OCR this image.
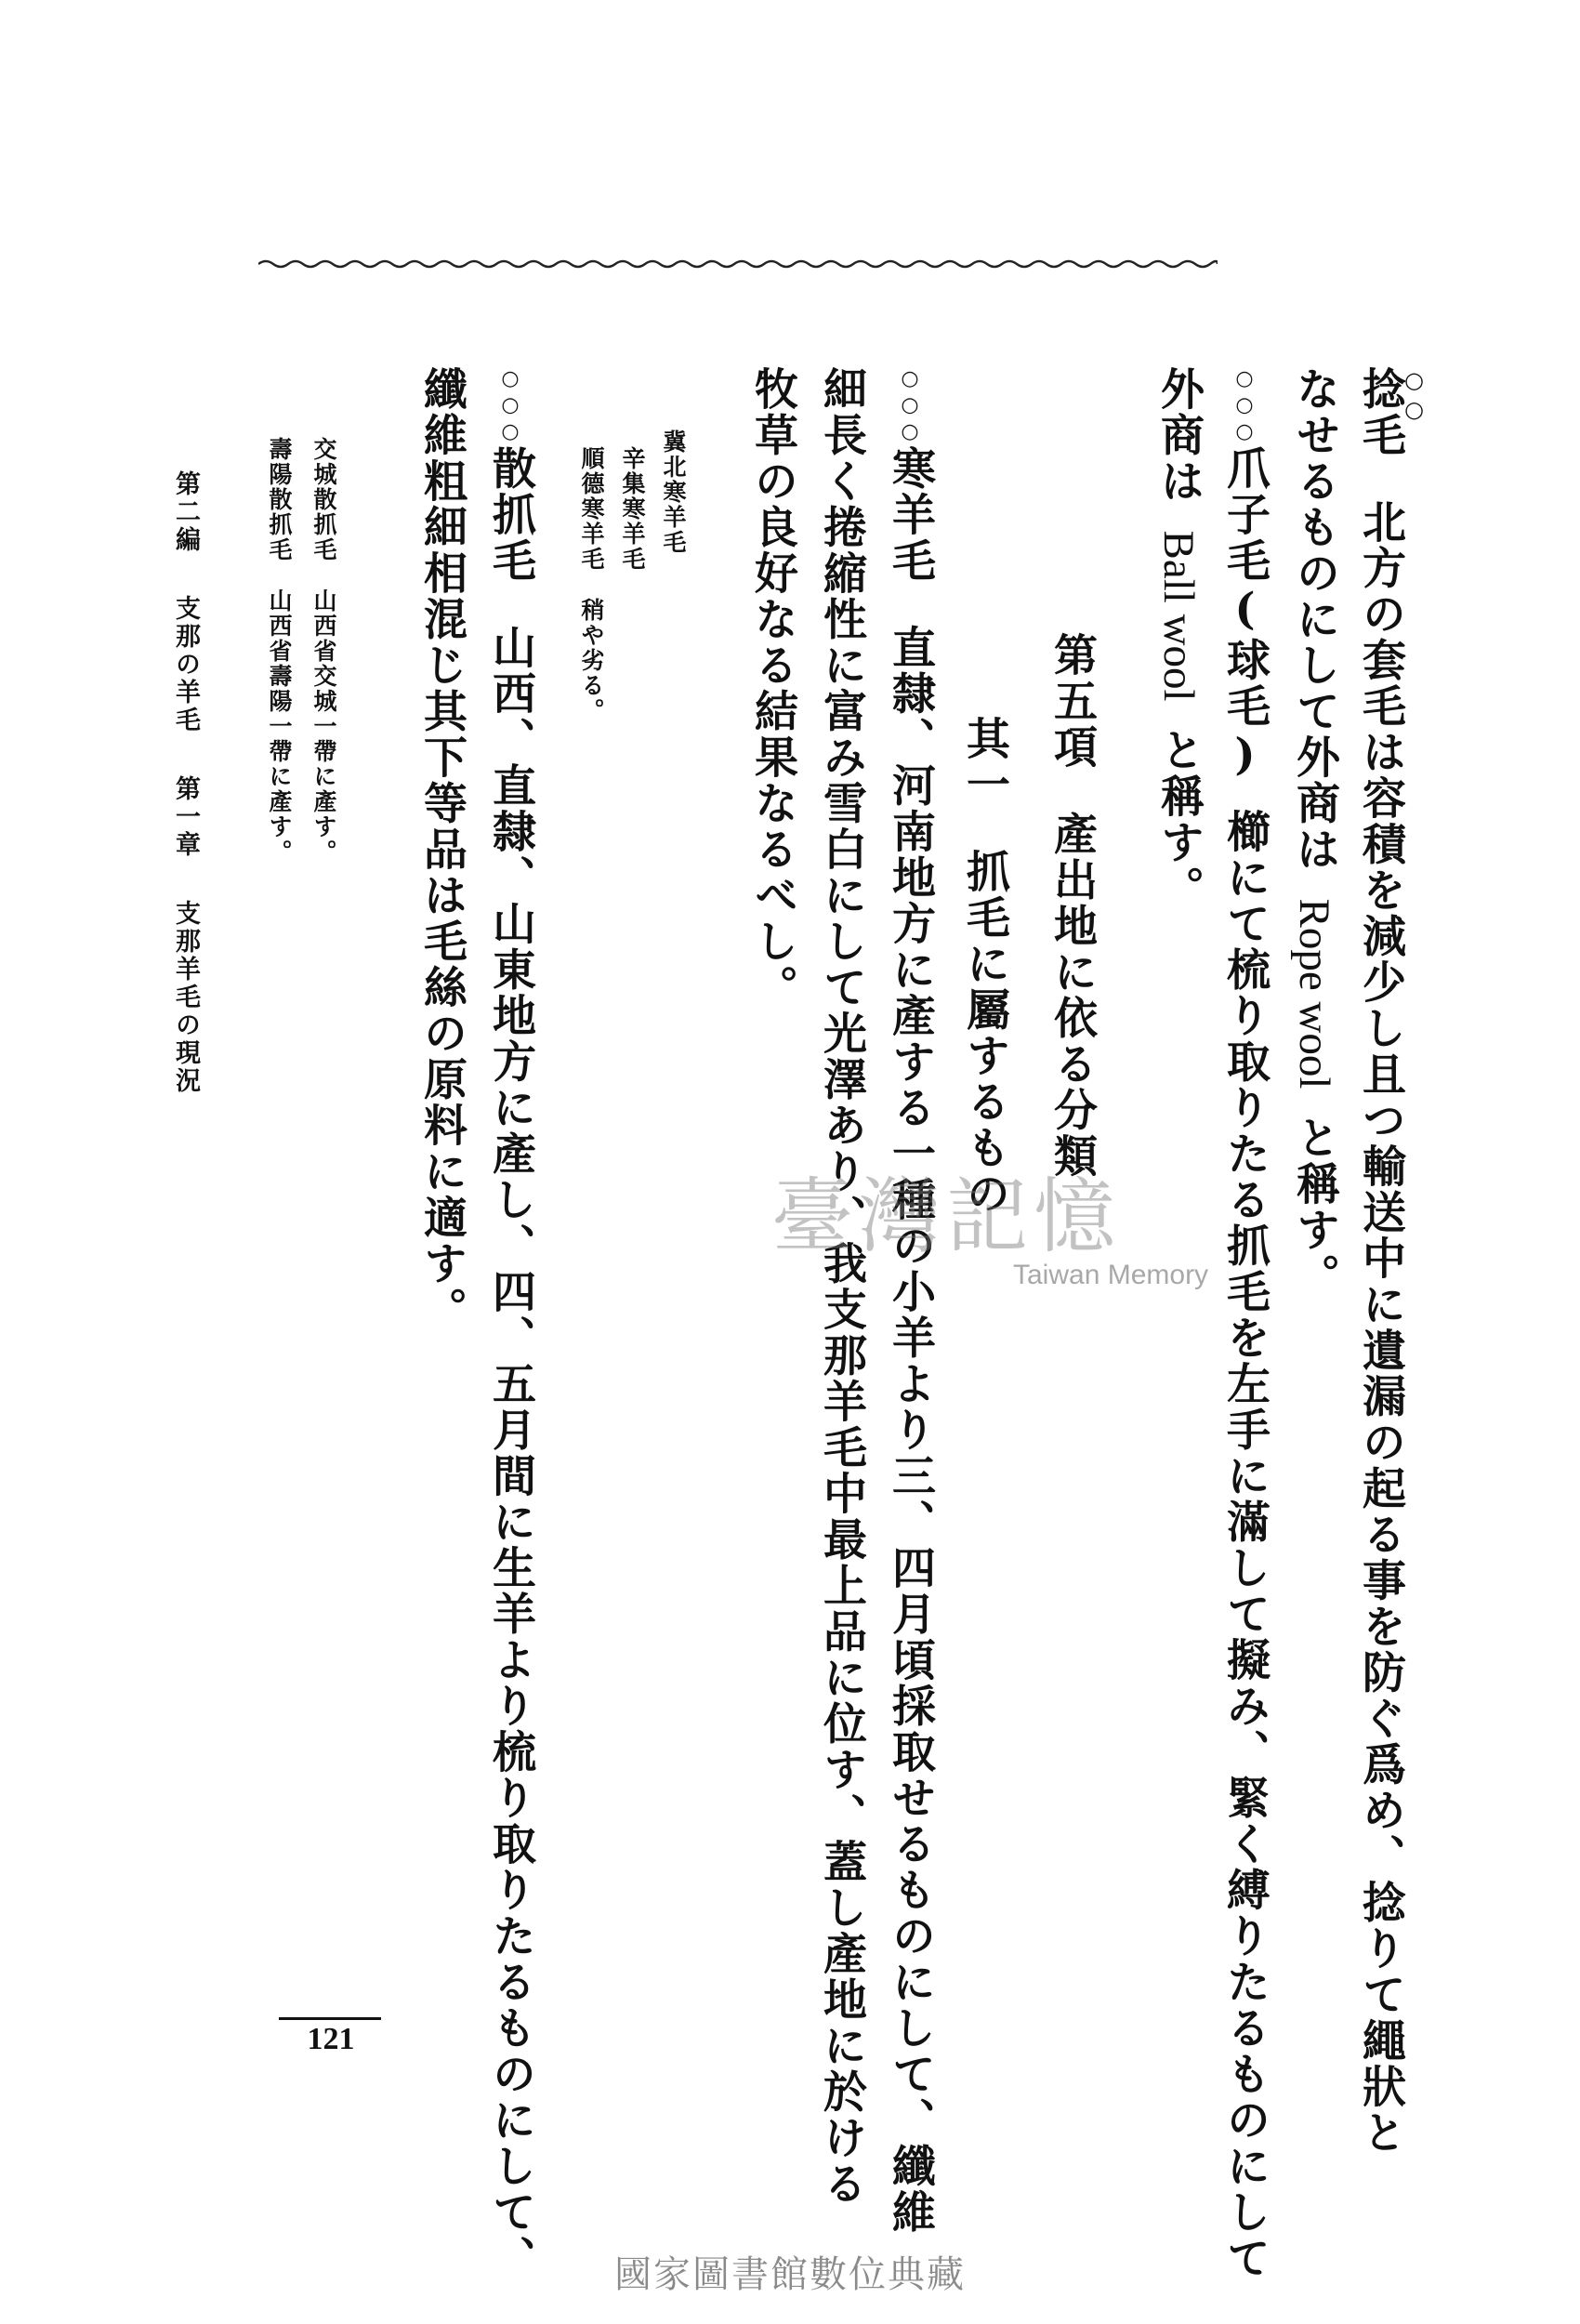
○○
捻毛北方の套毛は容積を減少し且つ輸送中に遺漏の起る事を防ぐ爲め、捻りて繩狀と
なせるものにして外商はRope woolと稱す。
○○○爪子毛(球毛)櫛にて梳り取りたる抓毛を左手に滿して擬み、緊く縛りたるものにして
外商はBall woolと稱す。
第五項產出地に依る分類
其一抓毛に屬するもの
○○○寒羊毛直隸、河南地方に產する一種の小羊より三、四月頃採取せるものにして、纖維
細長く捲縮性に富み雪白にして光澤あり、我支那羊毛中最上品に位す、蓋し產地に於ける
牧草の良好なる結果なるべし。
冀北寒羊毛
辛集寒羊毛
順德寒羊毛稍や劣る。
○○○散抓毛山西、直隸、山東地方に產し、四、五月間に生羊より梳り取りたるものにして、
纖維粗細相混じ其下等品は毛絲の原料に適す。
交城散抓毛山西省交城一帶に產す。
壽陽散抓毛山西省壽陽一帶に產す。
第二編支那の羊毛第一章支那羊毛の現況
121
臺灣記憶
Taiwan Memory
國家圖書館數位典藏
